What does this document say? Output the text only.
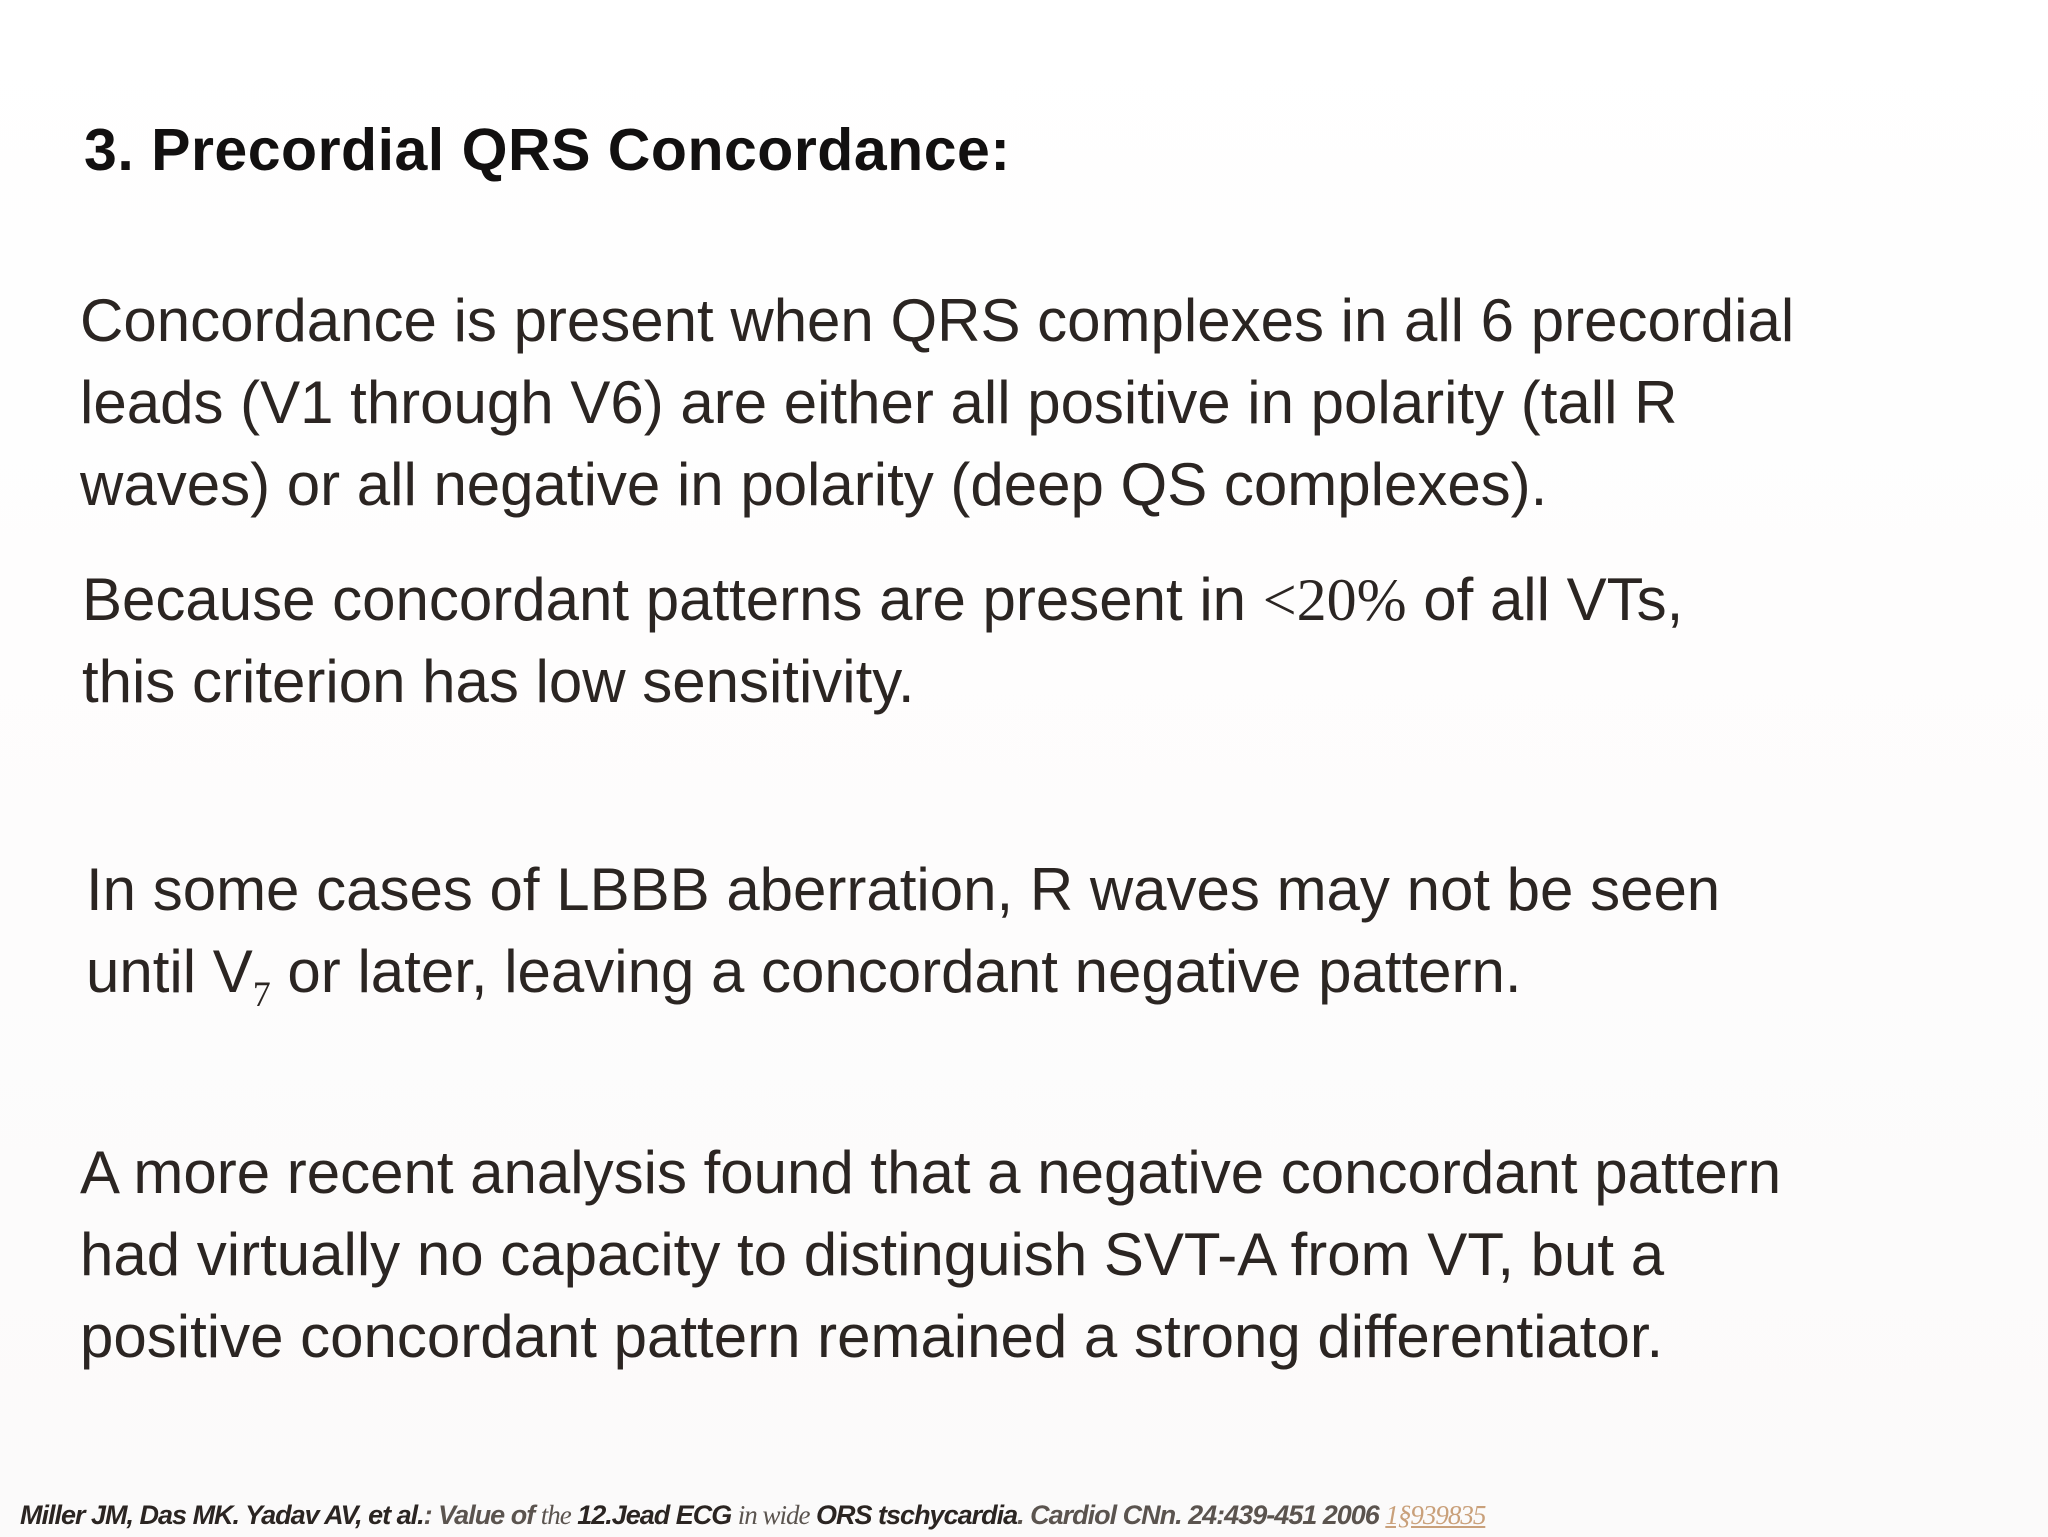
3. Precordial QRS Concordance:
Concordance is present when QRS complexes in all 6 precordial
leads (V1 through V6) are either all positive in polarity (tall R
waves) or all negative in polarity (deep QS complexes).
Because concordant patterns are present in <20% of all VTs,
this criterion has low sensitivity.
In some cases of LBBB aberration, R waves may not be seen
until $V_7$ or later, leaving a concordant negative pattern.
A more recent analysis found that a negative concordant pattern
had virtually no capacity to distinguish SVT-A from VT, but a
positive concordant pattern remained a strong differentiator.
Miller JM, Das MK. Yadav AV, et al.: Value of the 12.Jead ECG in wide ORS tschycardia. Cardiol CNn. 24:439-451 2006 1§939835
